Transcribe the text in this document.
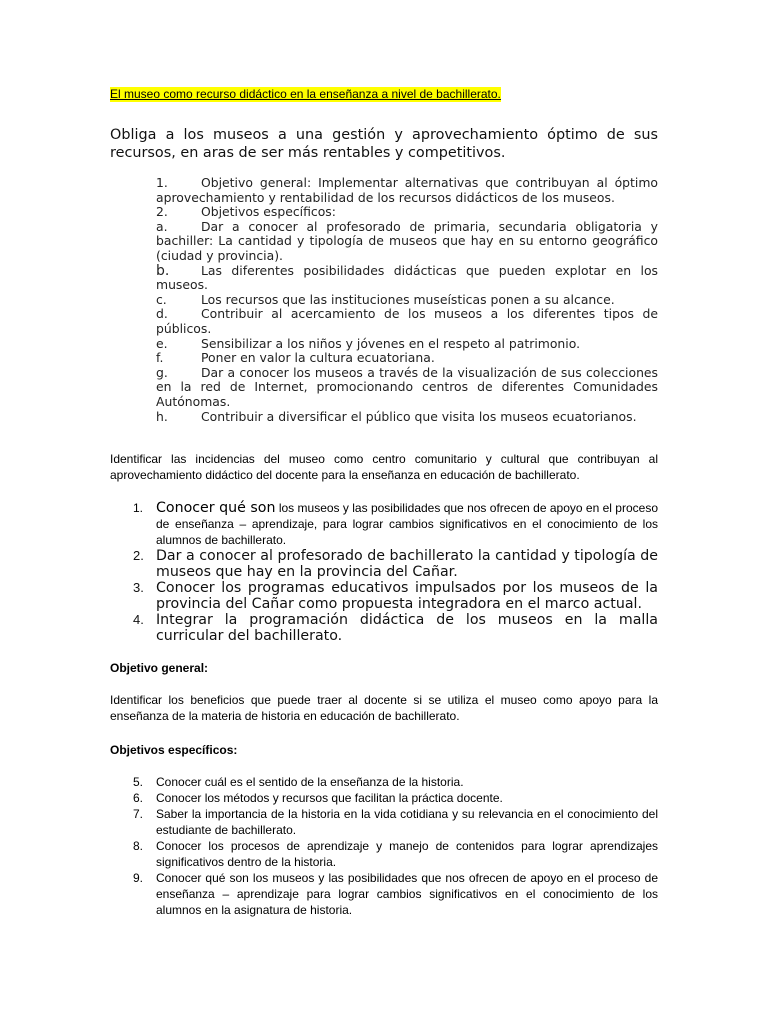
El museo como recurso didáctico en la enseñanza a nivel de bachillerato.
Obliga a los museos a una gestión y aprovechamiento óptimo de sus recursos, en aras de ser más rentables y competitivos.

1.	Objetivo general: Implementar alternativas que contribuyan al óptimo aprovechamiento y rentabilidad de los recursos didácticos de los museos.

2.	Objetivos específicos:

a.	Dar a conocer al profesorado de primaria, secundaria obligatoria y bachiller: La cantidad y tipología de museos que hay en su entorno geográfico (ciudad y provincia).

b.	Las diferentes posibilidades didácticas que pueden explotar en los museos.

c.	Los recursos que las instituciones museísticas ponen a su alcance.

d.	Contribuir al acercamiento de los museos a los diferentes tipos de públicos.

e.	Sensibilizar a los niños y jóvenes en el respeto al patrimonio.

f.	Poner en valor la cultura ecuatoriana.

g.	Dar a conocer los museos a través de la visualización de sus colecciones en la red de Internet, promocionando centros de diferentes Comunidades Autónomas.

h.	Contribuir a diversificar el público que visita los museos ecuatorianos.

Identificar las incidencias del museo como centro comunitario y cultural que contribuyan al aprovechamiento didáctico del docente para la enseñanza en educación de bachillerato.
1. Conocer qué son los museos y las posibilidades que nos ofrecen de apoyo en el proceso de enseñanza – aprendizaje, para lograr cambios significativos en el conocimiento de los alumnos de bachillerato.
2. Dar a conocer al profesorado de bachillerato la cantidad y tipología de museos que hay en la provincia del Cañar.
3. Conocer los programas educativos impulsados por los museos de la provincia del Cañar como propuesta integradora en el marco actual.
4. Integrar la programación didáctica de los museos en la malla curricular del bachillerato.
Objetivo general:
Identificar los beneficios que puede traer al docente si se utiliza el museo como apoyo para la enseñanza de la materia de historia en educación de bachillerato.
Objetivos específicos:
5. Conocer cuál es el sentido de la enseñanza de la historia.
6. Conocer los métodos y recursos que facilitan la práctica docente.
7. Saber la importancia de la historia en la vida cotidiana y su relevancia en el conocimiento del estudiante de bachillerato.
8. Conocer los procesos de aprendizaje y manejo de contenidos para lograr aprendizajes significativos dentro de la historia.
9. Conocer qué son los museos y las posibilidades que nos ofrecen de apoyo en el proceso de enseñanza – aprendizaje para lograr cambios significativos en el conocimiento de los alumnos en la asignatura de historia.
